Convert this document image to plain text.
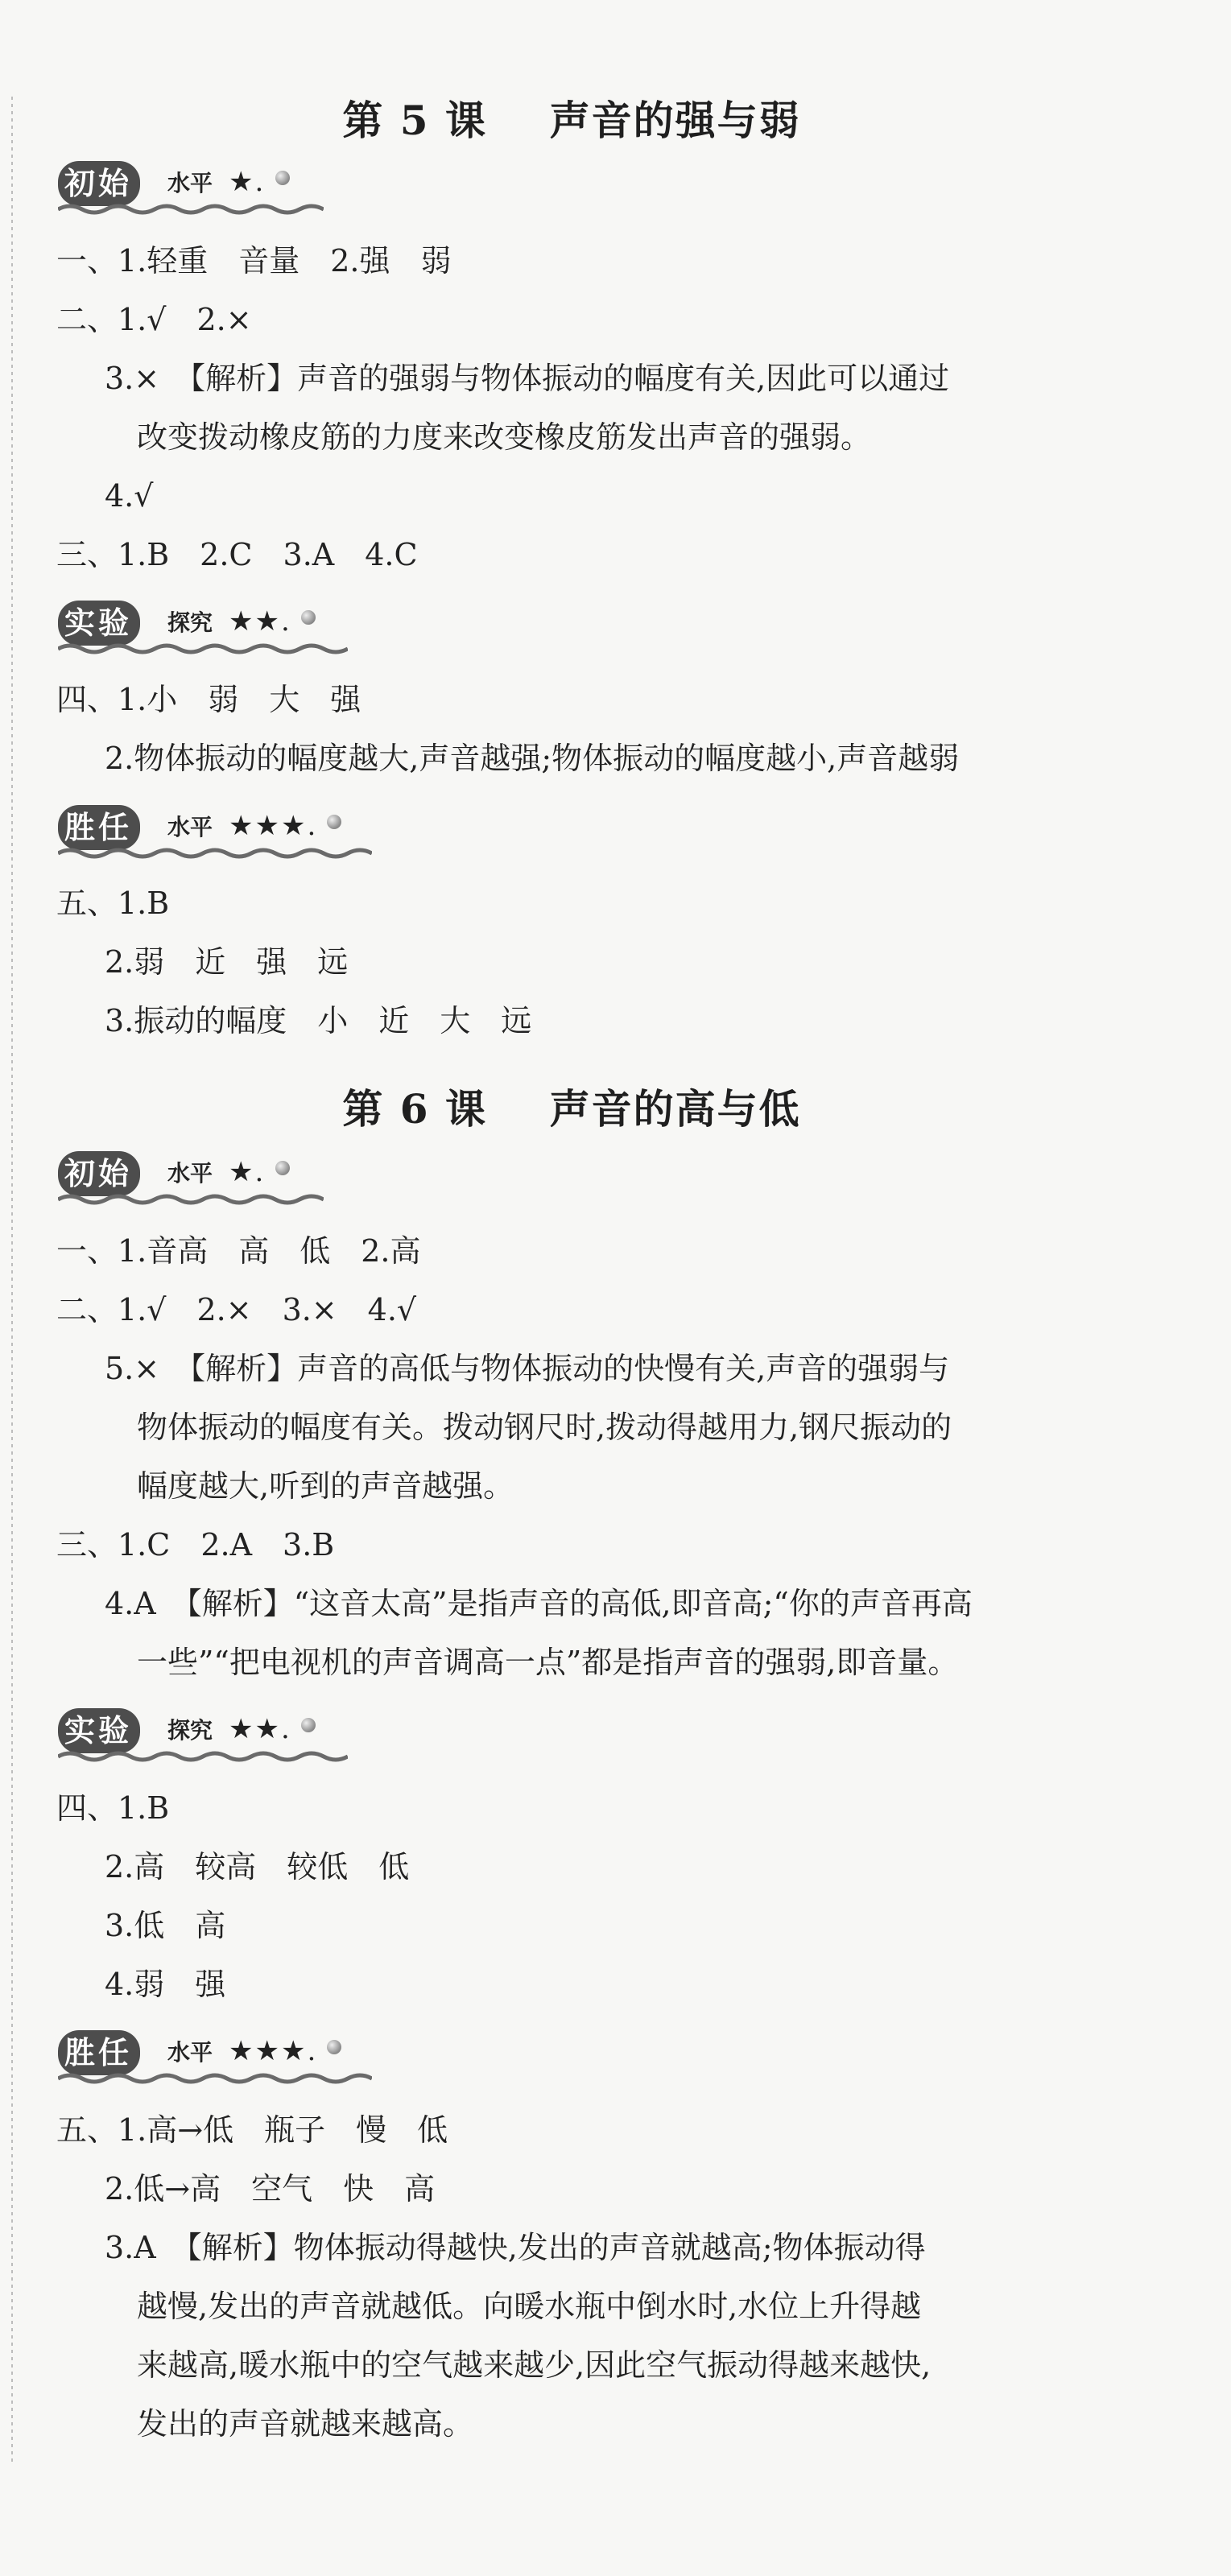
第 5 课 声音的强与弱
初始	水平 ★.
一、1.轻重　音量　2.强　弱
二、1.√　2.×
3.×　【解析】声音的强弱与物体振动的幅度有关,因此可以通过
改变拨动橡皮筋的力度来改变橡皮筋发出声音的强弱。
4.√
三、1.B　2.C　3.A　4.C
实验	探究 ★★.
四、1.小　弱　大　强
2.物体振动的幅度越大,声音越强;物体振动的幅度越小,声音越弱
胜任	水平 ★★★.
五、1.B
2.弱　近　强　远
3.振动的幅度　小　近　大　远
第 6 课 声音的高与低
初始	水平 ★.
一、1.音高　高　低　2.高
二、1.√　2.×　3.×　4.√
5.×　【解析】声音的高低与物体振动的快慢有关,声音的强弱与
物体振动的幅度有关。拨动钢尺时,拨动得越用力,钢尺振动的
幅度越大,听到的声音越强。
三、1.C　2.A　3.B
4.A　【解析】“这音太高”是指声音的高低,即音高;“你的声音再高
一些”“把电视机的声音调高一点”都是指声音的强弱,即音量。
实验	探究 ★★.
四、1.B
2.高　较高　较低　低
3.低　高
4.弱　强
胜任	水平 ★★★.
五、1.高→低　瓶子　慢　低
2.低→高　空气　快　高
3.A　【解析】物体振动得越快,发出的声音就越高;物体振动得
越慢,发出的声音就越低。向暖水瓶中倒水时,水位上升得越
来越高,暖水瓶中的空气越来越少,因此空气振动得越来越快,
发出的声音就越来越高。
